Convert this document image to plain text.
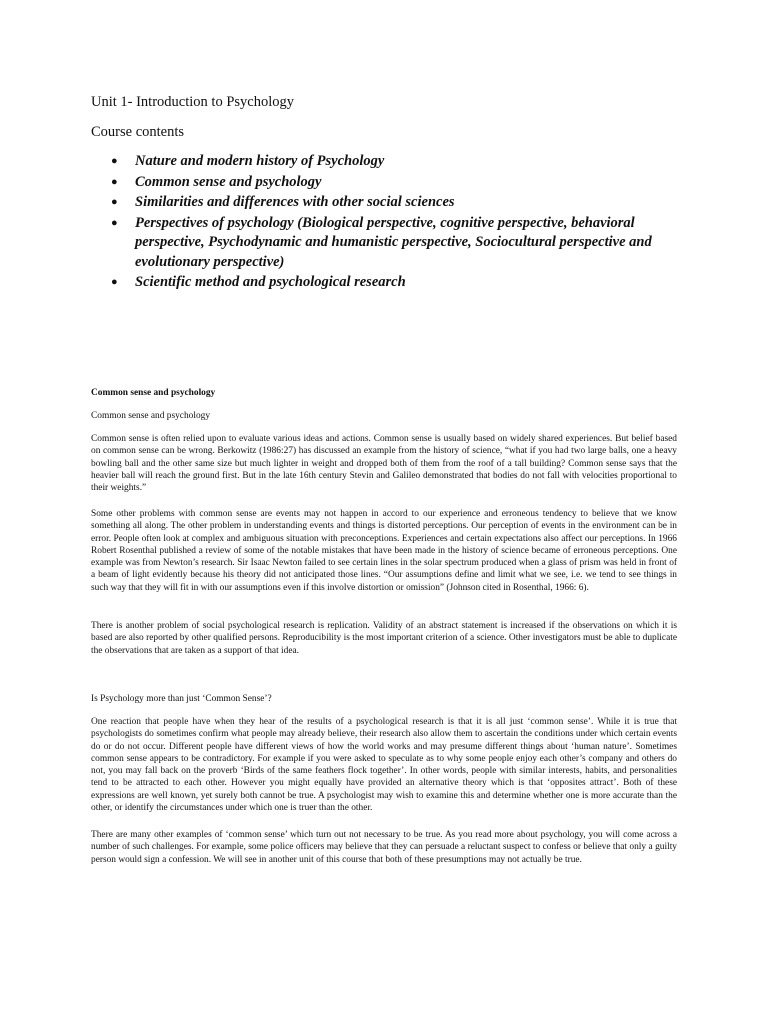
Unit 1- Introduction to Psychology
Course contents
● Nature and modern history of Psychology
● Common sense and psychology
● Similarities and differences with other social sciences
● Perspectives of psychology (Biological perspective, cognitive perspective, behavioral perspective, Psychodynamic and humanistic perspective, Sociocultural perspective and evolutionary perspective)
● Scientific method and psychological research

Common sense and psychology

Common sense and psychology

Common sense is often relied upon to evaluate various ideas and actions. Common sense is usually based on widely shared experiences. But belief based on common sense can be wrong. Berkowitz (1986:27) has discussed an example from the history of science, “what if you had two large balls, one a heavy bowling ball and the other same size but much lighter in weight and dropped both of them from the roof of a tall building? Common sense says that the heavier ball will reach the ground first. But in the late 16th century Stevin and Galileo demonstrated that bodies do not fall with velocities proportional to their weights.”

Some other problems with common sense are events may not happen in accord to our experience and erroneous tendency to believe that we know something all along. The other problem in understanding events and things is distorted perceptions. Our perception of events in the environment can be in error. People often look at complex and ambiguous situation with preconceptions. Experiences and certain expectations also affect our perceptions. In 1966 Robert Rosenthal published a review of some of the notable mistakes that have been made in the history of science became of erroneous perceptions. One example was from Newton’s research. Sir Isaac Newton failed to see certain lines in the solar spectrum produced when a glass of prism was held in front of a beam of light evidently because his theory did not anticipated those lines. “Our assumptions define and limit what we see, i.e. we tend to see things in such way that they will fit in with our assumptions even if this involve distortion or omission” (Johnson cited in Rosenthal, 1966: 6).

There is another problem of social psychological research is replication. Validity of an abstract statement is increased if the observations on which it is based are also reported by other qualified persons. Reproducibility is the most important criterion of a science. Other investigators must be able to duplicate the observations that are taken as a support of that idea.

Is Psychology more than just ‘Common Sense’?

One reaction that people have when they hear of the results of a psychological research is that it is all just ‘common sense’. While it is true that psychologists do sometimes confirm what people may already believe, their research also allow them to ascertain the conditions under which certain events do or do not occur. Different people have different views of how the world works and may presume different things about ‘human nature’. Sometimes common sense appears to be contradictory. For example if you were asked to speculate as to why some people enjoy each other’s company and others do not, you may fall back on the proverb ‘Birds of the same feathers flock together’. In other words, people with similar interests, habits, and personalities tend to be attracted to each other. However you might equally have provided an alternative theory which is that ‘opposites attract’. Both of these expressions are well known, yet surely both cannot be true. A psychologist may wish to examine this and determine whether one is more accurate than the other, or identify the circumstances under which one is truer than the other.

There are many other examples of ‘common sense’ which turn out not necessary to be true. As you read more about psychology, you will come across a number of such challenges. For example, some police officers may believe that they can persuade a reluctant suspect to confess or believe that only a guilty person would sign a confession. We will see in another unit of this course that both of these presumptions may not actually be true.
